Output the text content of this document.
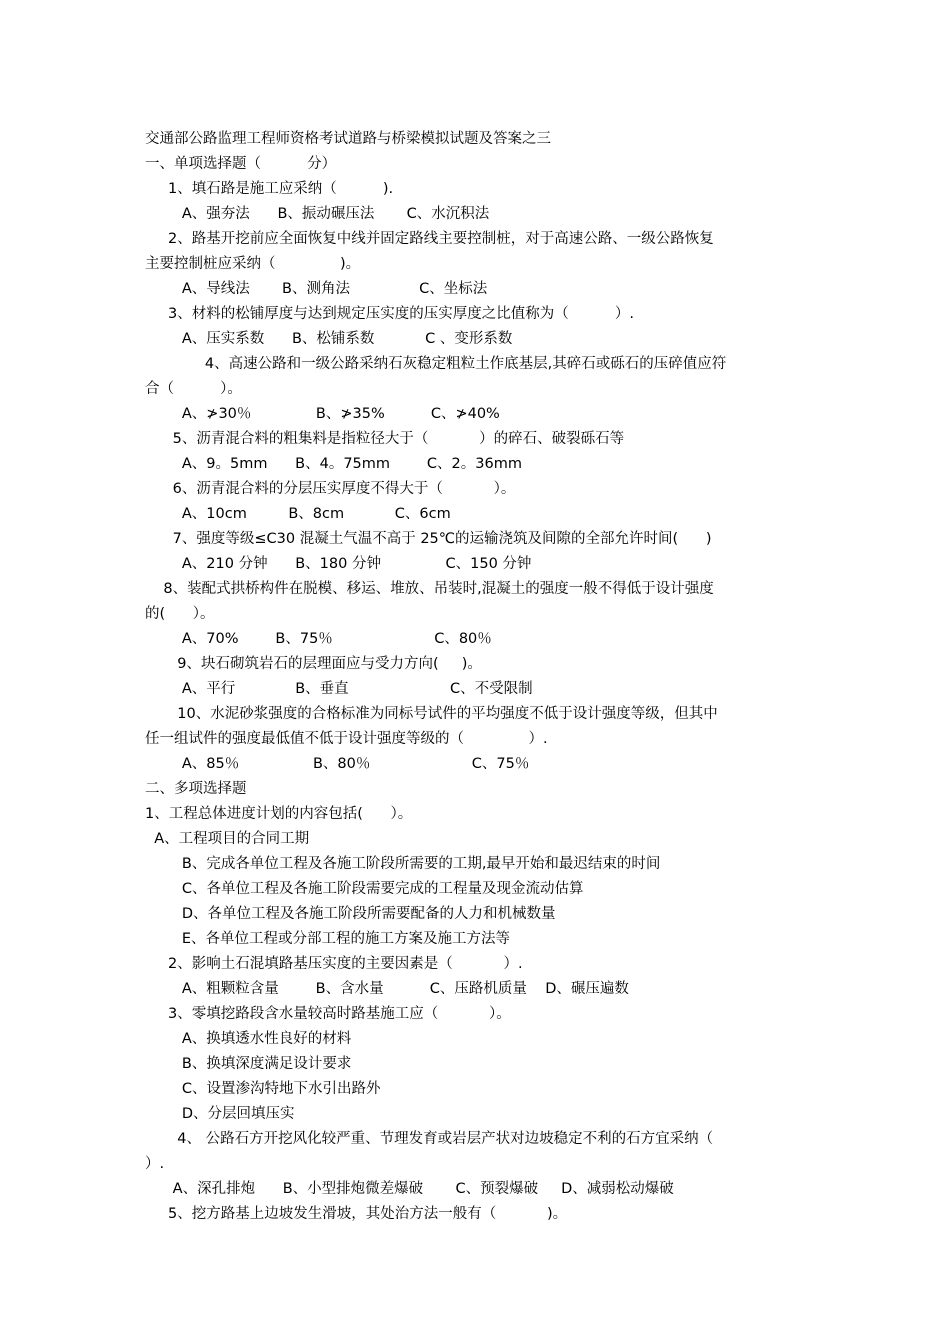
交通部公路监理工程师资格考试道路与桥梁模拟试题及答案之三
一、单项选择题（          分）
1、填石路是施工应采纳（          ).
A、强夯法      B、振动碾压法       C、水沉积法
2、路基开挖前应全面恢复中线并固定路线主要控制桩，对于高速公路、一级公路恢复
主要控制桩应采纳（              )。
A、导线法       B、测角法               C、坐标法
3、材料的松铺厚度与达到规定压实度的压实厚度之比值称为（          ）.
A、压实系数      B、松铺系数           C 、变形系数
4、高速公路和一级公路采纳石灰稳定粗粒土作底基层,其碎石或砾石的压碎值应符
合（          ）。
A、≯30％              B、≯35%          C、≯40%
5、沥青混合料的粗集料是指粒径大于（           ）的碎石、破裂砾石等
A、9。5mm      B、4。75mm        C、2。36mm
6、沥青混合料的分层压实厚度不得大于（           ）。
A、10cm         B、8cm           C、6cm
7、强度等级≤C30 混凝土气温不高于 25℃的运输浇筑及间隙的全部允许时间(      )
A、210 分钟      B、180 分钟              C、150 分钟
8、装配式拱桥构件在脱模、移运、堆放、吊装时,混凝土的强度一般不得低于设计强度
的(      ）。
A、70%        B、75％                      C、80％
9、块石砌筑岩石的层理面应与受力方向(     )。
A、平行             B、垂直                      C、不受限制
10、水泥砂浆强度的合格标准为同标号试件的平均强度不低于设计强度等级，但其中
任一组试件的强度最低值不低于设计强度等级的（              ）.
A、85％                B、80％                      C、75％
二、多项选择题
1、工程总体进度计划的内容包括(      ）。
A、工程项目的合同工期
B、完成各单位工程及各施工阶段所需要的工期,最早开始和最迟结束的时间
C、各单位工程及各施工阶段需要完成的工程量及现金流动估算
D、各单位工程及各施工阶段所需要配备的人力和机械数量
E、各单位工程或分部工程的施工方案及施工方法等
2、影响土石混填路基压实度的主要因素是（           ）.
A、粗颗粒含量        B、含水量          C、压路机质量    D、碾压遍数
3、零填挖路段含水量较高时路基施工应（           ）。
A、换填透水性良好的材料
B、换填深度满足设计要求
C、设置渗沟特地下水引出路外
D、分层回填压实
4、 公路石方开挖风化较严重、节理发育或岩层产状对边坡稳定不利的石方宜采纳（
）.
A、深孔排炮      B、小型排炮微差爆破       C、预裂爆破     D、减弱松动爆破
5、挖方路基上边坡发生滑坡，其处治方法一般有（           )。
